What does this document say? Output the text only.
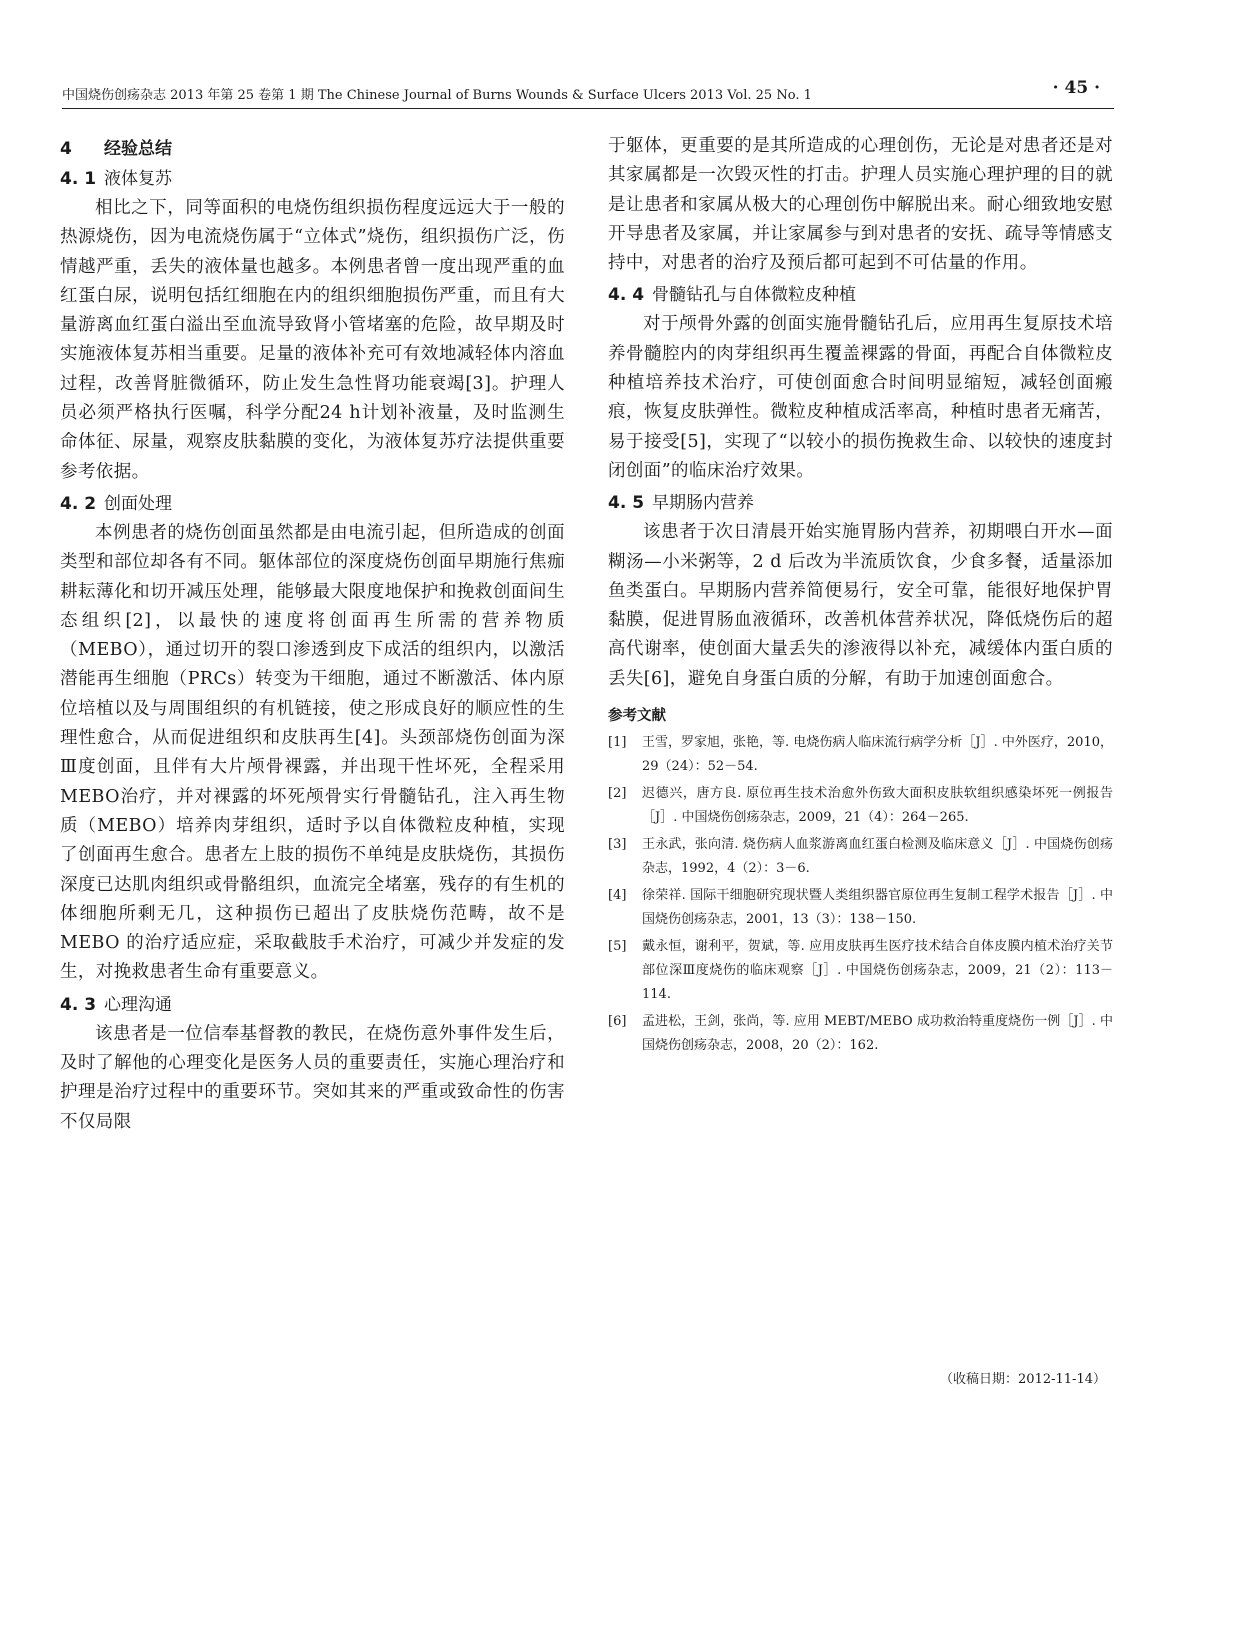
中国烧伤创疡杂志 2013 年第 25 卷第 1 期 The Chinese Journal of Burns Wounds & Surface Ulcers 2013 Vol. 25 No. 1	· 45 ·
4 经验总结
4. 1 液体复苏

相比之下，同等面积的电烧伤组织损伤程度远远大于一般的热源烧伤，因为电流烧伤属于“立体式”烧伤，组织损伤广泛，伤情越严重，丢失的液体量也越多。本例患者曾一度出现严重的血红蛋白尿，说明包括红细胞在内的组织细胞损伤严重，而且有大量游离血红蛋白溢出至血流导致肾小管堵塞的危险，故早期及时实施液体复苏相当重要。足量的液体补充可有效地减轻体内溶血过程，改善肾脏微循环，防止发生急性肾功能衰竭[3]。护理人员必须严格执行医嘱，科学分配24 h计划补液量，及时监测生命体征、尿量，观察皮肤黏膜的变化，为液体复苏疗法提供重要参考依据。

4. 2 创面处理

本例患者的烧伤创面虽然都是由电流引起，但所造成的创面类型和部位却各有不同。躯体部位的深度烧伤创面早期施行焦痂耕耘薄化和切开减压处理，能够最大限度地保护和挽救创面间生态组织[2]，以最快的速度将创面再生所需的营养物质（MEBO），通过切开的裂口渗透到皮下成活的组织内，以激活潜能再生细胞（PRCs）转变为干细胞，通过不断激活、体内原位培植以及与周围组织的有机链接，使之形成良好的顺应性的生理性愈合，从而促进组织和皮肤再生[4]。头颈部烧伤创面为深Ⅲ度创面，且伴有大片颅骨裸露，并出现干性坏死，全程采用MEBO治疗，并对裸露的坏死颅骨实行骨髓钻孔，注入再生物质（MEBO）培养肉芽组织，适时予以自体微粒皮种植，实现了创面再生愈合。患者左上肢的损伤不单纯是皮肤烧伤，其损伤深度已达肌肉组织或骨骼组织，血流完全堵塞，残存的有生机的体细胞所剩无几，这种损伤已超出了皮肤烧伤范畴，故不是 MEBO 的治疗适应症，采取截肢手术治疗，可减少并发症的发生，对挽救患者生命有重要意义。

4. 3 心理沟通

该患者是一位信奉基督教的教民，在烧伤意外事件发生后，及时了解他的心理变化是医务人员的重要责任，实施心理治疗和护理是治疗过程中的重要环节。突如其来的严重或致命性的伤害不仅局限

于躯体，更重要的是其所造成的心理创伤，无论是对患者还是对其家属都是一次毁灭性的打击。护理人员实施心理护理的目的就是让患者和家属从极大的心理创伤中解脱出来。耐心细致地安慰开导患者及家属，并让家属参与到对患者的安抚、疏导等情感支持中，对患者的治疗及预后都可起到不可估量的作用。

4. 4 骨髓钻孔与自体微粒皮种植

对于颅骨外露的创面实施骨髓钻孔后，应用再生复原技术培养骨髓腔内的肉芽组织再生覆盖裸露的骨面，再配合自体微粒皮种植培养技术治疗，可使创面愈合时间明显缩短，减轻创面瘢痕，恢复皮肤弹性。微粒皮种植成活率高，种植时患者无痛苦，易于接受[5]，实现了“以较小的损伤挽救生命、以较快的速度封闭创面”的临床治疗效果。

4. 5 早期肠内营养

该患者于次日清晨开始实施胃肠内营养，初期喂白开水—面糊汤—小米粥等，2 d 后改为半流质饮食，少食多餐，适量添加鱼类蛋白。早期肠内营养简便易行，安全可靠，能很好地保护胃黏膜，促进胃肠血液循环，改善机体营养状况，降低烧伤后的超高代谢率，使创面大量丢失的渗液得以补充，减缓体内蛋白质的丢失[6]，避免自身蛋白质的分解，有助于加速创面愈合。

参考文献
[1] 王雪，罗家旭，张艳，等. 电烧伤病人临床流行病学分析［J］. 中外医疗，2010，29（24）：52－54.
[2] 迟德兴，唐方良. 原位再生技术治愈外伤致大面积皮肤软组织感染坏死一例报告［J］. 中国烧伤创疡杂志，2009，21（4）：264－265.
[3] 王永武，张向清. 烧伤病人血浆游离血红蛋白检测及临床意义［J］. 中国烧伤创疡杂志，1992，4（2）：3－6.
[4] 徐荣祥. 国际干细胞研究现状暨人类组织器官原位再生复制工程学术报告［J］. 中国烧伤创疡杂志，2001，13（3）：138－150.
[5] 戴永恒，谢利平，贺斌，等. 应用皮肤再生医疗技术结合自体皮膜内植术治疗关节部位深Ⅲ度烧伤的临床观察［J］. 中国烧伤创疡杂志，2009，21（2）：113－114.
[6] 孟进松，王剑，张尚，等. 应用 MEBT/MEBO 成功救治特重度烧伤一例［J］. 中国烧伤创疡杂志，2008，20（2）：162.
（收稿日期：2012-11-14）
